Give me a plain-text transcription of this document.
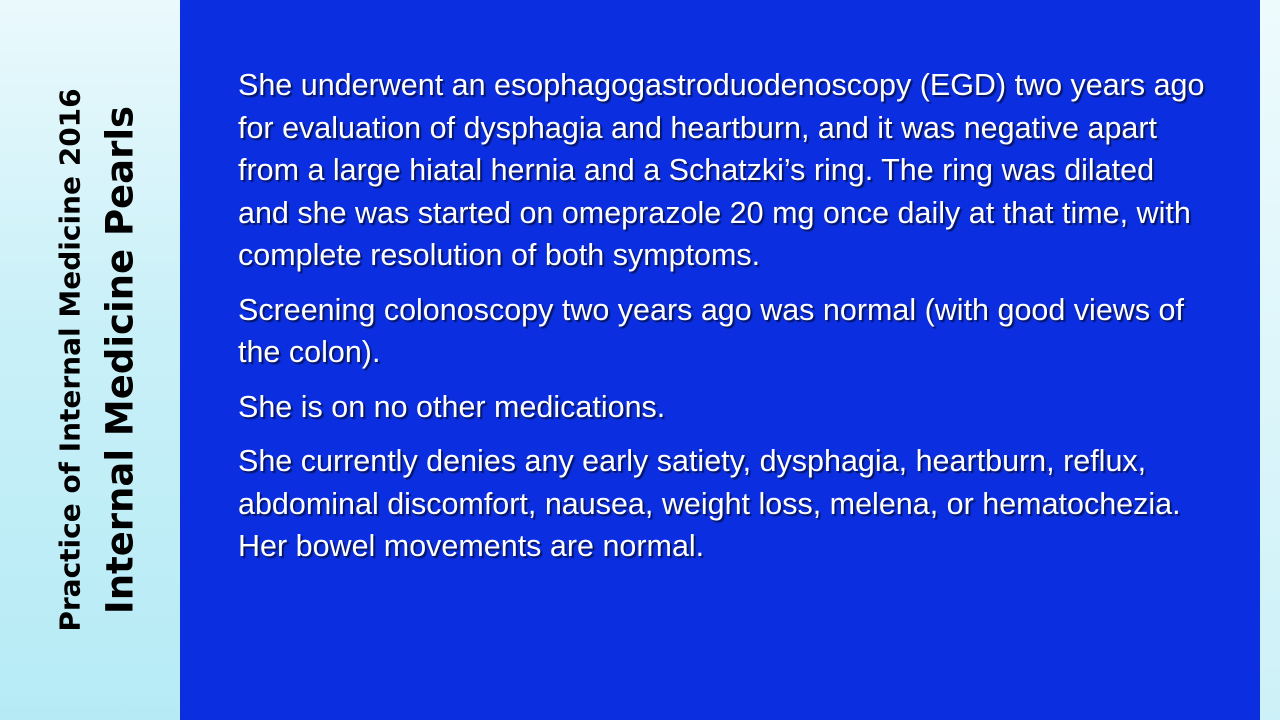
Practice of Internal Medicine 2016 Internal Medicine Pearls

She underwent an esophagogastroduodenoscopy (EGD) two years ago for evaluation of dysphagia and heartburn, and it was negative apart from a large hiatal hernia and a Schatzki’s ring. The ring was dilated and she was started on omeprazole 20 mg once daily at that time, with complete resolution of both symptoms.

Screening colonoscopy two years ago was normal (with good views of the colon).

She is on no other medications.

She currently denies any early satiety, dysphagia, heartburn, reflux, abdominal discomfort, nausea, weight loss, melena, or hematochezia. Her bowel movements are normal.
